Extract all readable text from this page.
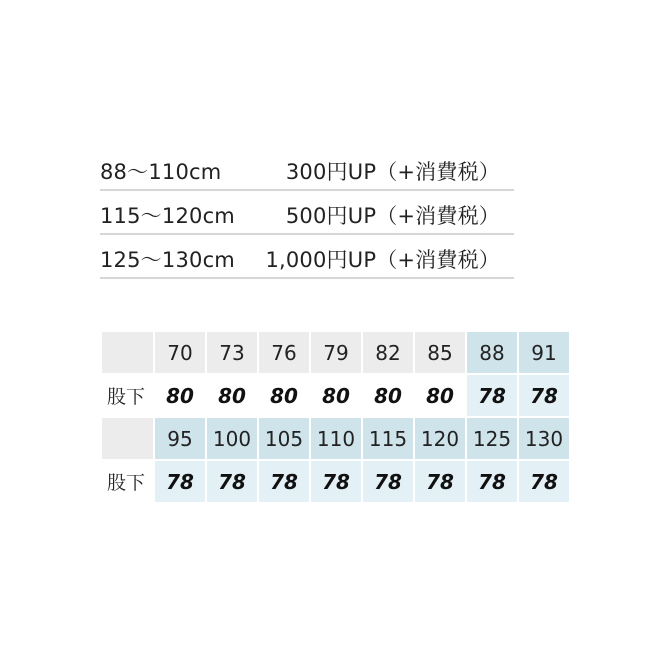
88～110cm	300円UP（+消費税）
115～120cm 500円UP（+消費税）
125～130cm 1,000円UP（+消費税）
	70	73	76	79	82	85	88	91
股下	80	80	80	80	80	80	78	78
	95	100	105	110	115	120	125	130
股下	78	78	78	78	78	78	78	78
